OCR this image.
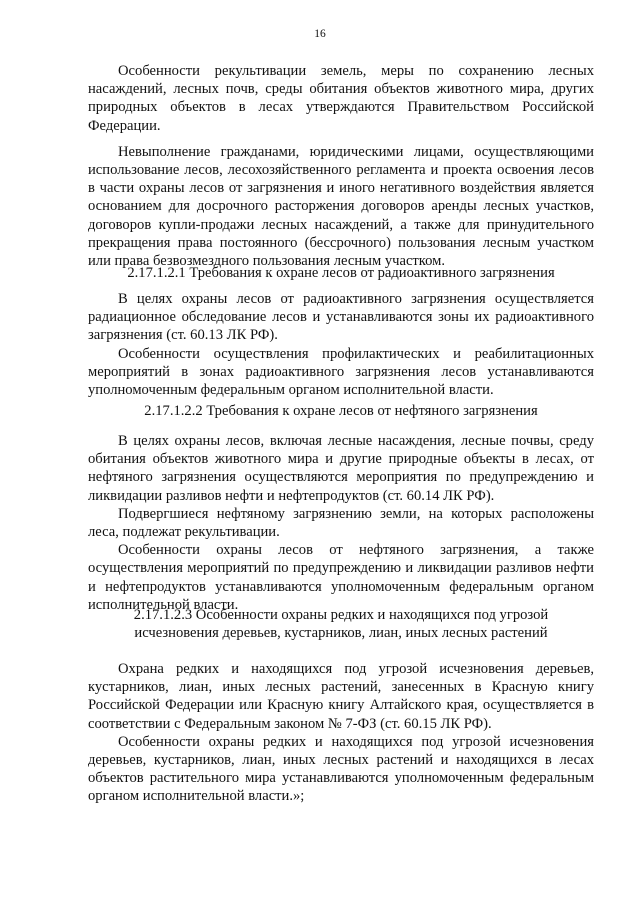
16

Особенности рекультивации земель, меры по сохранению лесных насаждений, лесных почв, среды обитания объектов животного мира, других природных объектов в лесах утверждаются Правительством Российской Федерации.

Невыполнение гражданами, юридическими лицами, осуществляющими использование лесов, лесохозяйственного регламента и проекта освоения лесов в части охраны лесов от загрязнения и иного негативного воздействия является основанием для досрочного расторжения договоров аренды лесных участков, договоров купли-продажи лесных насаждений, а также для принудительного прекращения права постоянного (бессрочного) пользования лесным участком или права безвозмездного пользования лесным участком.

2.17.1.2.1 Требования к охране лесов от радиоактивного загрязнения

В целях охраны лесов от радиоактивного загрязнения осуществляется радиационное обследование лесов и устанавливаются зоны их радиоактивного загрязнения (ст. 60.13 ЛК РФ).

Особенности осуществления профилактических и реабилитационных мероприятий в зонах радиоактивного загрязнения лесов устанавливаются уполномоченным федеральным органом исполнительной власти.

2.17.1.2.2 Требования к охране лесов от нефтяного загрязнения

В целях охраны лесов, включая лесные насаждения, лесные почвы, среду обитания объектов животного мира и другие природные объекты в лесах, от нефтяного загрязнения осуществляются мероприятия по предупреждению и ликвидации разливов нефти и нефтепродуктов (ст. 60.14 ЛК РФ).

Подвергшиеся нефтяному загрязнению земли, на которых расположены леса, подлежат рекультивации.

Особенности охраны лесов от нефтяного загрязнения, а также осуществления мероприятий по предупреждению и ликвидации разливов нефти и нефтепродуктов устанавливаются уполномоченным федеральным органом исполнительной власти.

2.17.1.2.3 Особенности охраны редких и находящихся под угрозой
исчезновения деревьев, кустарников, лиан, иных лесных растений

Охрана редких и находящихся под угрозой исчезновения деревьев, кустарников, лиан, иных лесных растений, занесенных в Красную книгу Российской Федерации или Красную книгу Алтайского края, осуществляется в соответствии с Федеральным законом № 7-ФЗ (ст. 60.15 ЛК РФ).

Особенности охраны редких и находящихся под угрозой исчезновения деревьев, кустарников, лиан, иных лесных растений и находящихся в лесах объектов растительного мира устанавливаются уполномоченным федеральным органом исполнительной власти.»;
